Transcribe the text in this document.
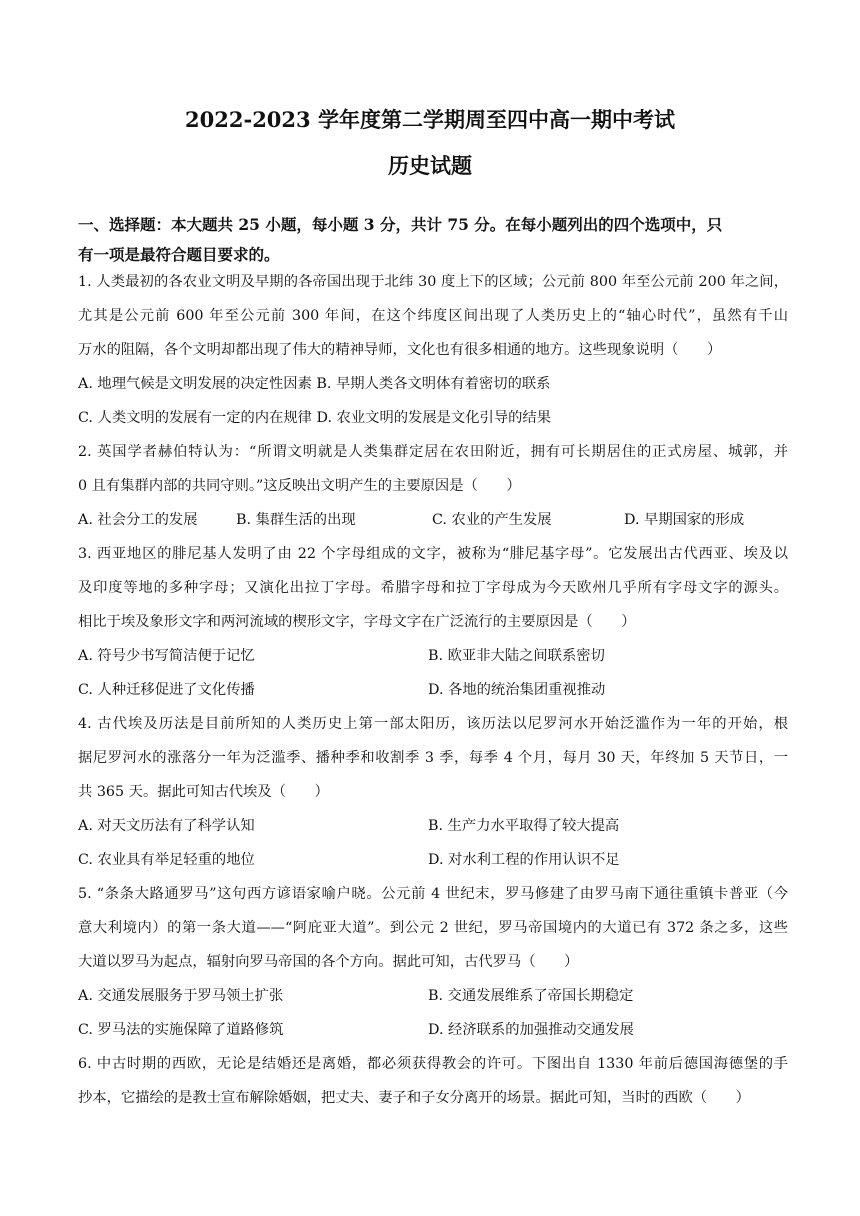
2022-2023 学年度第二学期周至四中高一期中考试
历史试题
一、选择题：本大题共 25 小题，每小题 3 分，共计 75 分。在每小题列出的四个选项中，只
有一项是最符合题目要求的。
1. 人类最初的各农业文明及早期的各帝国出现于北纬 30 度上下的区域；公元前 800 年至公元前 200 年之间，
尤其是公元前 600 年至公元前 300 年间，在这个纬度区间出现了人类历史上的“轴心时代”，虽然有千山
万水的阻隔，各个文明却都出现了伟大的精神导师，文化也有很多相通的地方。这些现象说明（　　）
A. 地理气候是文明发展的决定性因素 B. 早期人类各文明体有着密切的联系
C. 人类文明的发展有一定的内在规律 D. 农业文明的发展是文化引导的结果
2. 英国学者赫伯特认为：“所谓文明就是人类集群定居在农田附近，拥有可长期居住的正式房屋、城郭，并
0 且有集群内部的共同守则。”这反映出文明产生的主要原因是（　　）
A. 社会分工的发展	B. 集群生活的出现	C. 农业的产生发展	D. 早期国家的形成
3. 西亚地区的腓尼基人发明了由 22 个字母组成的文字，被称为“腓尼基字母”。它发展出古代西亚、埃及以
及印度等地的多种字母；又演化出拉丁字母。希腊字母和拉丁字母成为今天欧州几乎所有字母文字的源头。
相比于埃及象形文字和两河流域的楔形文字，字母文字在广泛流行的主要原因是（　　）
A. 符号少书写简洁便于记忆	B. 欧亚非大陆之间联系密切
C. 人种迁移促进了文化传播	D. 各地的统治集团重视推动
4. 古代埃及历法是目前所知的人类历史上第一部太阳历，该历法以尼罗河水开始泛滥作为一年的开始，根
据尼罗河水的涨落分一年为泛滥季、播种季和收割季 3 季，每季 4 个月，每月 30 天，年终加 5 天节日，一
共 365 天。据此可知古代埃及（　　）
A. 对天文历法有了科学认知	B. 生产力水平取得了较大提高
C. 农业具有举足轻重的地位	D. 对水利工程的作用认识不足
5. “条条大路通罗马”这句西方谚语家喻户晓。公元前 4 世纪末，罗马修建了由罗马南下通往重镇卡普亚（今
意大利境内）的第一条大道——“阿庇亚大道”。到公元 2 世纪，罗马帝国境内的大道已有 372 条之多，这些
大道以罗马为起点，辐射向罗马帝国的各个方向。据此可知，古代罗马（　　）
A. 交通发展服务于罗马领土扩张	B. 交通发展维系了帝国长期稳定
C. 罗马法的实施保障了道路修筑	D. 经济联系的加强推动交通发展
6. 中古时期的西欧，无论是结婚还是离婚，都必须获得教会的许可。下图出自 1330 年前后德国海德堡的手
抄本，它描绘的是教士宣布解除婚姻，把丈夫、妻子和子女分离开的场景。据此可知，当时的西欧（　　）
